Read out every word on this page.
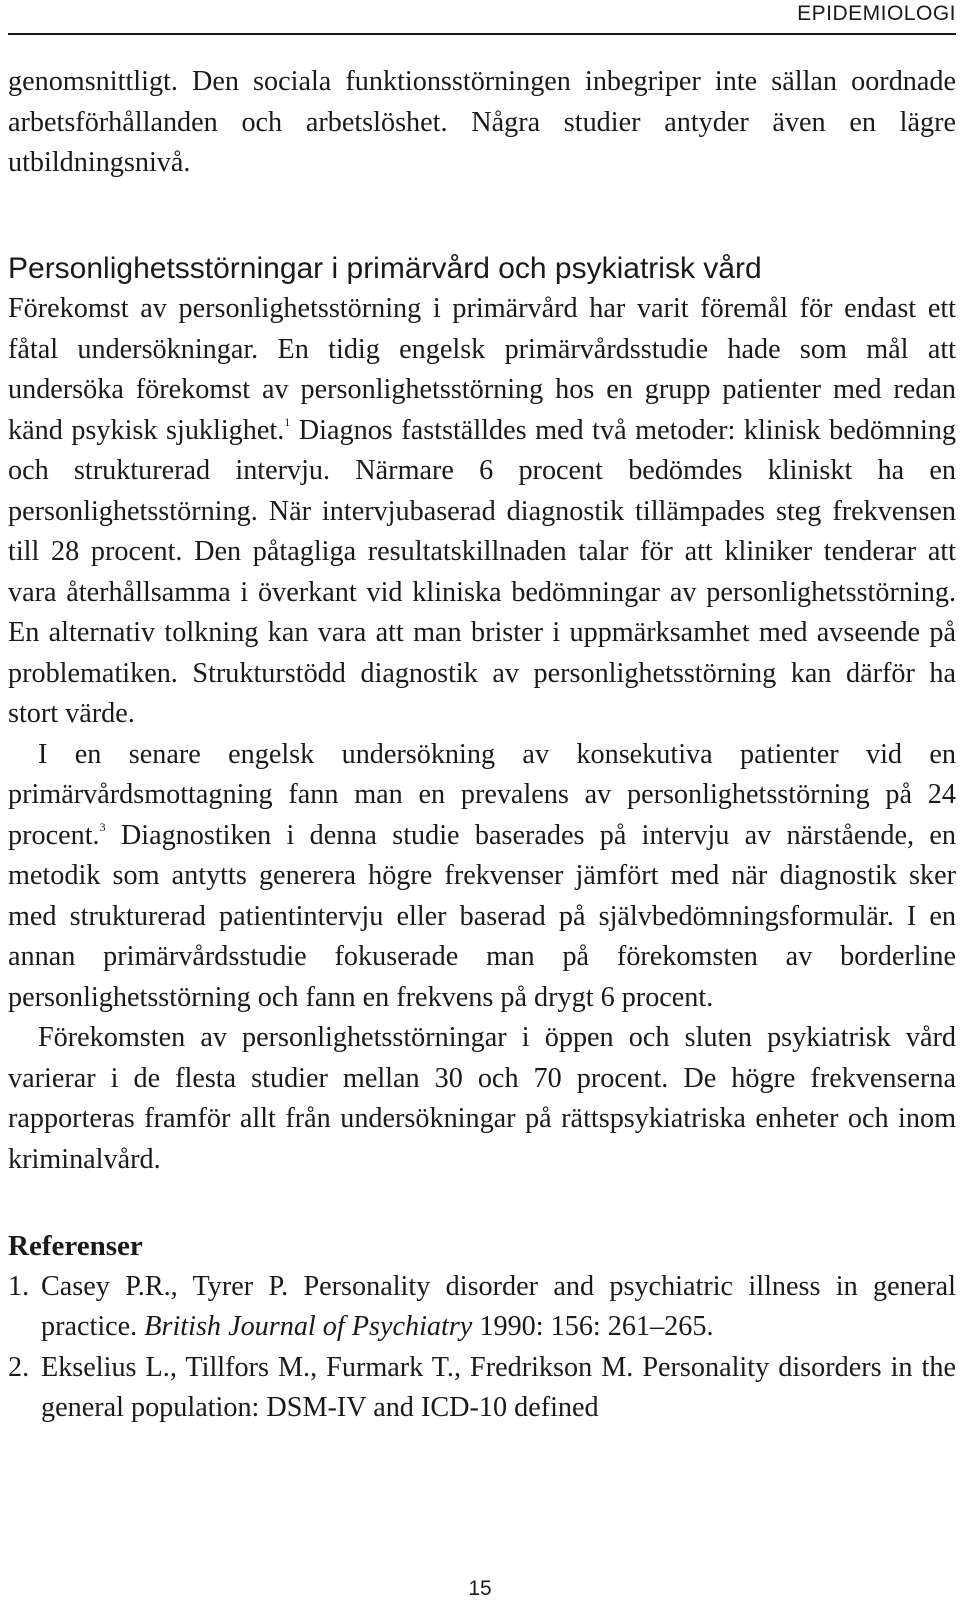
EPIDEMIOLOGI

genomsnittligt. Den sociala funktionsstörningen inbegriper inte sällan oordnade arbetsförhållanden och arbetslöshet. Några studier antyder även en lägre utbildningsnivå.

Personlighetsstörningar i primärvård och psykiatrisk vård

Förekomst av personlighetsstörning i primärvård har varit föremål för endast ett fåtal undersökningar. En tidig engelsk primärvårdsstudie hade som mål att undersöka förekomst av personlighetsstörning hos en grupp patienter med redan känd psykisk sjuklighet.$^1$ Diagnos fastställdes med två metoder: klinisk bedömning och strukturerad intervju. Närmare 6 procent bedömdes kliniskt ha en personlighetsstörning. När intervjubaserad diagnostik tillämpades steg frekvensen till 28 procent. Den påtagliga resultatskillnaden talar för att kliniker tenderar att vara återhållsamma i överkant vid kliniska bedömningar av personlighetsstörning. En alternativ tolkning kan vara att man brister i uppmärksamhet med avseende på problematiken. Strukturstödd diagnostik av personlighetsstörning kan därför ha stort värde.

I en senare engelsk undersökning av konsekutiva patienter vid en primärvårdsmottagning fann man en prevalens av personlighetsstörning på 24 procent.$^3$ Diagnostiken i denna studie baserades på intervju av närstående, en metodik som antytts generera högre frekvenser jämfört med när diagnostik sker med strukturerad patientintervju eller baserad på självbedömningsformulär. I en annan primärvårdsstudie fokuserade man på förekomsten av borderline personlighetsstörning och fann en frekvens på drygt 6 procent.

Förekomsten av personlighetsstörningar i öppen och sluten psykiatrisk vård varierar i de flesta studier mellan 30 och 70 procent. De högre frekvenserna rapporteras framför allt från undersökningar på rättspsykiatriska enheter och inom kriminalvård.

Referenser
1. Casey P.R., Tyrer P. Personality disorder and psychiatric illness in general practice. British Journal of Psychiatry 1990: 156: 261–265.
2. Ekselius L., Tillfors M., Furmark T., Fredrikson M. Personality disorders in the general population: DSM-IV and ICD-10 defined
15
